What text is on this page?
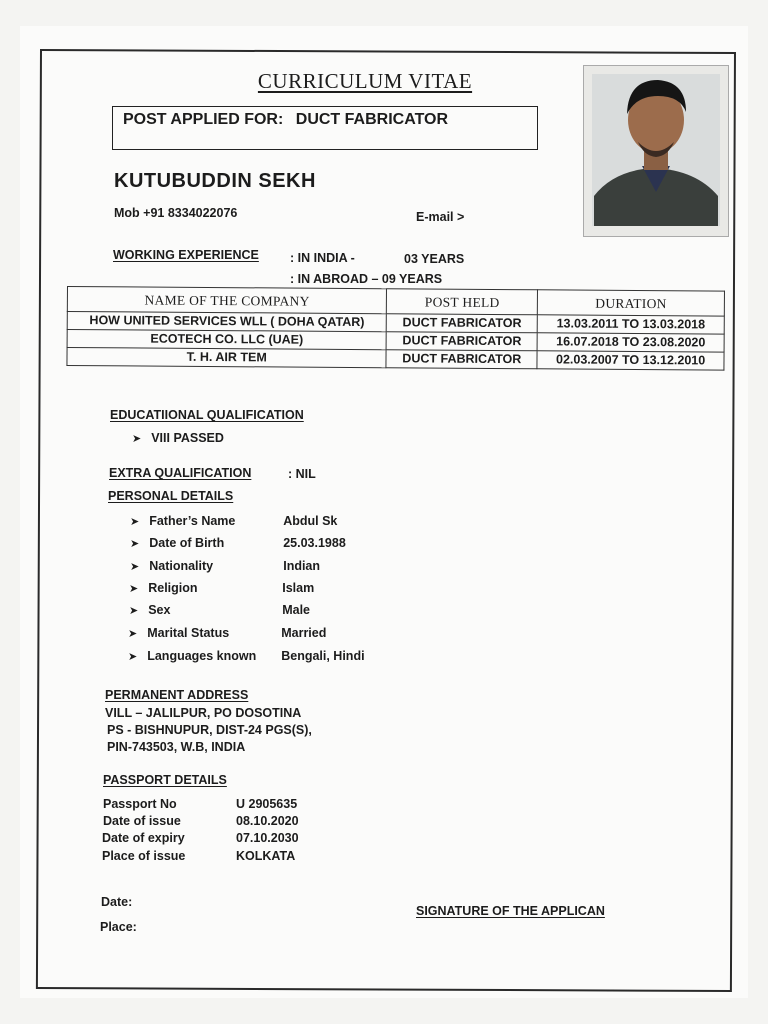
CURRICULUM VITAE
POST APPLIED FOR: DUCT FABRICATOR
KUTUBUDDIN SEKH
Mob +91 8334022076	E-mail >
WORKING EXPERIENCE : IN INDIA -	03 YEARS
: IN ABROAD – 09 YEARS
NAME OF THE COMPANY	POST HELD	DURATION
HOW UNITED SERVICES WLL ( DOHA QATAR)	DUCT FABRICATOR	13.03.2011 TO 13.03.2018
ECOTECH CO. LLC (UAE)	DUCT FABRICATOR	16.07.2018 TO 23.08.2020
T. H. AIR TEM	DUCT FABRICATOR	02.03.2007 TO 13.12.2010
EDUCATIIONAL QUALIFICATION
➤ VIII PASSED
EXTRA QUALIFICATION	: NIL
PERSONAL DETAILS
➤ Father’s Name	Abdul Sk
➤ Date of Birth	25.03.1988
➤ Nationality	Indian
➤ Religion	Islam
➤ Sex	Male
➤ Marital Status	Married
➤ Languages known Bengali, Hindi
PERMANENT ADDRESS
VILL – JALILPUR, PO DOSOTINA
PS - BISHNUPUR, DIST-24 PGS(S),
PIN-743503, W.B, INDIA
PASSPORT DETAILS
Passport No	U 2905635
Date of issue	08.10.2020
Date of expiry	07.10.2030
Place of issue	KOLKATA
Date:
Place:
SIGNATURE OF THE APPLICAN
